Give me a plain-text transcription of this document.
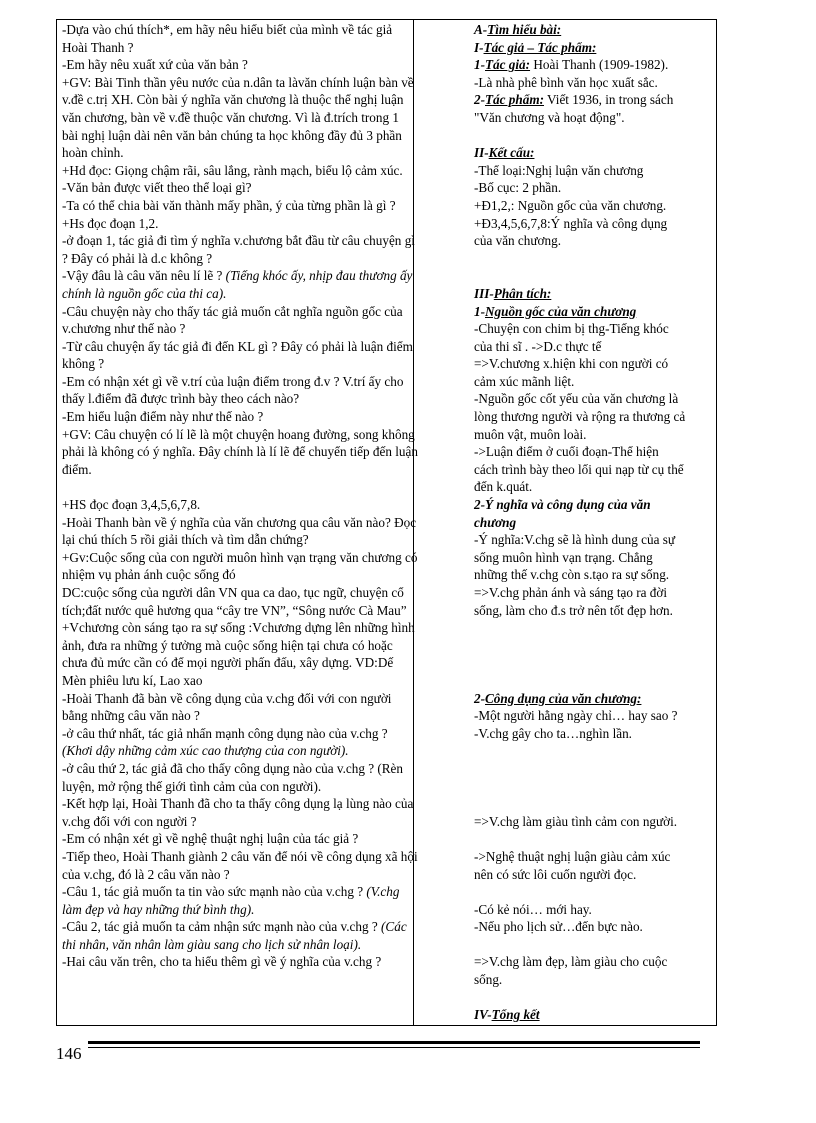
-Dựa vào chú thích*, em hãy nêu hiểu biết của mình về tác giả
Hoài Thanh ?
-Em hãy nêu xuất xứ của văn bản ?
+GV: Bài Tinh thần yêu nước của n.dân ta làvăn chính luận bàn về
v.đề c.trị XH. Còn bài ý nghĩa văn chương là thuộc thể nghị luận
văn chương, bàn về v.đề thuộc văn chương. Vì là đ.trích trong 1
bài nghị luận dài nên văn bản chúng ta học không đầy đủ 3 phần
hoàn chỉnh.
+Hd đọc: Giọng chậm rãi, sâu lắng, rành mạch, biểu lộ cảm xúc.
-Văn bản được viết theo thể loại gì?
-Ta có thể chia bài văn thành mấy phần, ý của từng phần là gì ?
+Hs đọc đoạn 1,2.
-ở đoạn 1, tác giả đi tìm ý nghĩa v.chương bắt đầu từ câu chuyện gì
? Đây có phải là d.c không ?
-Vậy đâu là câu văn nêu lí lẽ ? (Tiếng khóc ấy, nhịp đau thương ấy
chính là nguồn gốc của thi ca).
-Câu chuyện này cho thấy tác giả muốn cắt nghĩa nguồn gốc của
v.chương như thế nào ?
-Từ câu chuyện ấy tác giả đi đến KL gì ? Đây có phải là luận điểm
không ?
-Em có nhận xét gì về v.trí của luận điểm trong đ.v ? V.trí ấy cho
thấy l.điểm đã được trình bày theo cách nào?
-Em hiểu luận điểm này như thế nào ?
+GV: Câu chuyện có lí lẽ là một chuyện hoang đường, song không
phải là không có ý nghĩa. Đây chính là lí lẽ để chuyển tiếp đến luận
điểm.
+HS đọc đoạn 3,4,5,6,7,8.
-Hoài Thanh bàn về ý nghĩa của văn chương qua câu văn nào? Đọc
lại chú thích 5 rồi giải thích và tìm dẫn chứng?
+Gv:Cuộc sống của con người muôn hình vạn trạng văn chương có
nhiệm vụ phản ánh cuộc sống đó
DC:cuộc sống của người dân VN qua ca dao, tục ngữ, chuyện cổ
tích;đất nước quê hương qua “cây tre VN”, “Sông nước Cà Mau”
+Vchương còn sáng tạo ra sự sống :Vchương dựng lên những hình
ảnh, đưa ra những ý tưởng mà cuộc sống hiện tại chưa có hoặc
chưa đủ mức cần có để mọi người phấn đấu, xây dựng. VD:Dế
Mèn phiêu lưu kí, Lao xao
-Hoài Thanh đã bàn về công dụng của v.chg đối với con người
bằng những câu văn nào ?
-ở câu thứ nhất, tác giả nhấn mạnh công dụng nào của v.chg ?
(Khơi dậy những cảm xúc cao thượng của con người).
-ở câu thứ 2, tác giả đã cho thấy công dụng nào của v.chg ? (Rèn
luyện, mở rộng thế giới tình cảm của con người).
-Kết hợp lại, Hoài Thanh đã cho ta thấy công dụng lạ lùng nào của
v.chg đối với con người ?
-Em có nhận xét gì về nghệ thuật nghị luận của tác giả ?
-Tiếp theo, Hoài Thanh giành 2 câu văn để nói về công dụng xã hội
của v.chg, đó là 2 câu văn nào ?
-Câu 1, tác giả muốn ta tin vào sức mạnh nào của v.chg ? (V.chg
làm đẹp và hay những thứ bình thg).
-Câu 2, tác giả muốn ta cảm nhận sức mạnh nào của v.chg ? (Các
thi nhân, văn nhân làm giàu sang cho lịch sử nhân loại).
-Hai câu văn trên, cho ta hiểu thêm gì về ý nghĩa của v.chg ?
A-Tìm hiểu bài:
I-Tác giả – Tác phẩm:
1-Tác giả: Hoài Thanh (1909-1982).
-Là nhà phê bình văn học xuất sắc.
2-Tác phẩm: Viết 1936, in trong sách
"Văn chương và hoạt động".
II-Kết cấu:
-Thể loại:Nghị luận văn chương
-Bố cục: 2 phần.
+Đ1,2,: Nguồn gốc của văn chương.
+Đ3,4,5,6,7,8:Ý nghĩa và công dụng
của văn chương.
III-Phân tích:
1-Nguồn gốc của văn chương
-Chuyện con chim bị thg-Tiếng khóc
của thi sĩ . ->D.c thực tế
=>V.chương x.hiện khi con người có
cảm xúc mãnh liệt.
-Nguồn gốc cốt yếu của văn chương là
lòng thương người và rộng ra thương cả
muôn vật, muôn loài.
->Luận điểm ở cuối đoạn-Thể hiện
cách trình bày theo lối qui nạp từ cụ thể
đến k.quát.
2-Ý nghĩa và công dụng của văn
chương
-Ý nghĩa:V.chg sẽ là hình dung của sự
sống muôn hình vạn trạng. Chẳng
những thế v.chg còn s.tạo ra sự sống.
=>V.chg phản ánh và sáng tạo ra đời
sống, làm cho đ.s trở nên tốt đẹp hơn.
2-Công dụng của văn chương:
-Một người hằng ngày chỉ… hay sao ?
-V.chg gây cho ta…nghìn lần.
=>V.chg làm giàu tình cảm con người.
->Nghệ thuật nghị luận giàu cảm xúc
nên có sức lôi cuốn người đọc.
-Có kẻ nói… mới hay.
-Nếu pho lịch sử…đến bực nào.
=>V.chg làm đẹp, làm giàu cho cuộc
sống.
IV-Tổng kết
146
